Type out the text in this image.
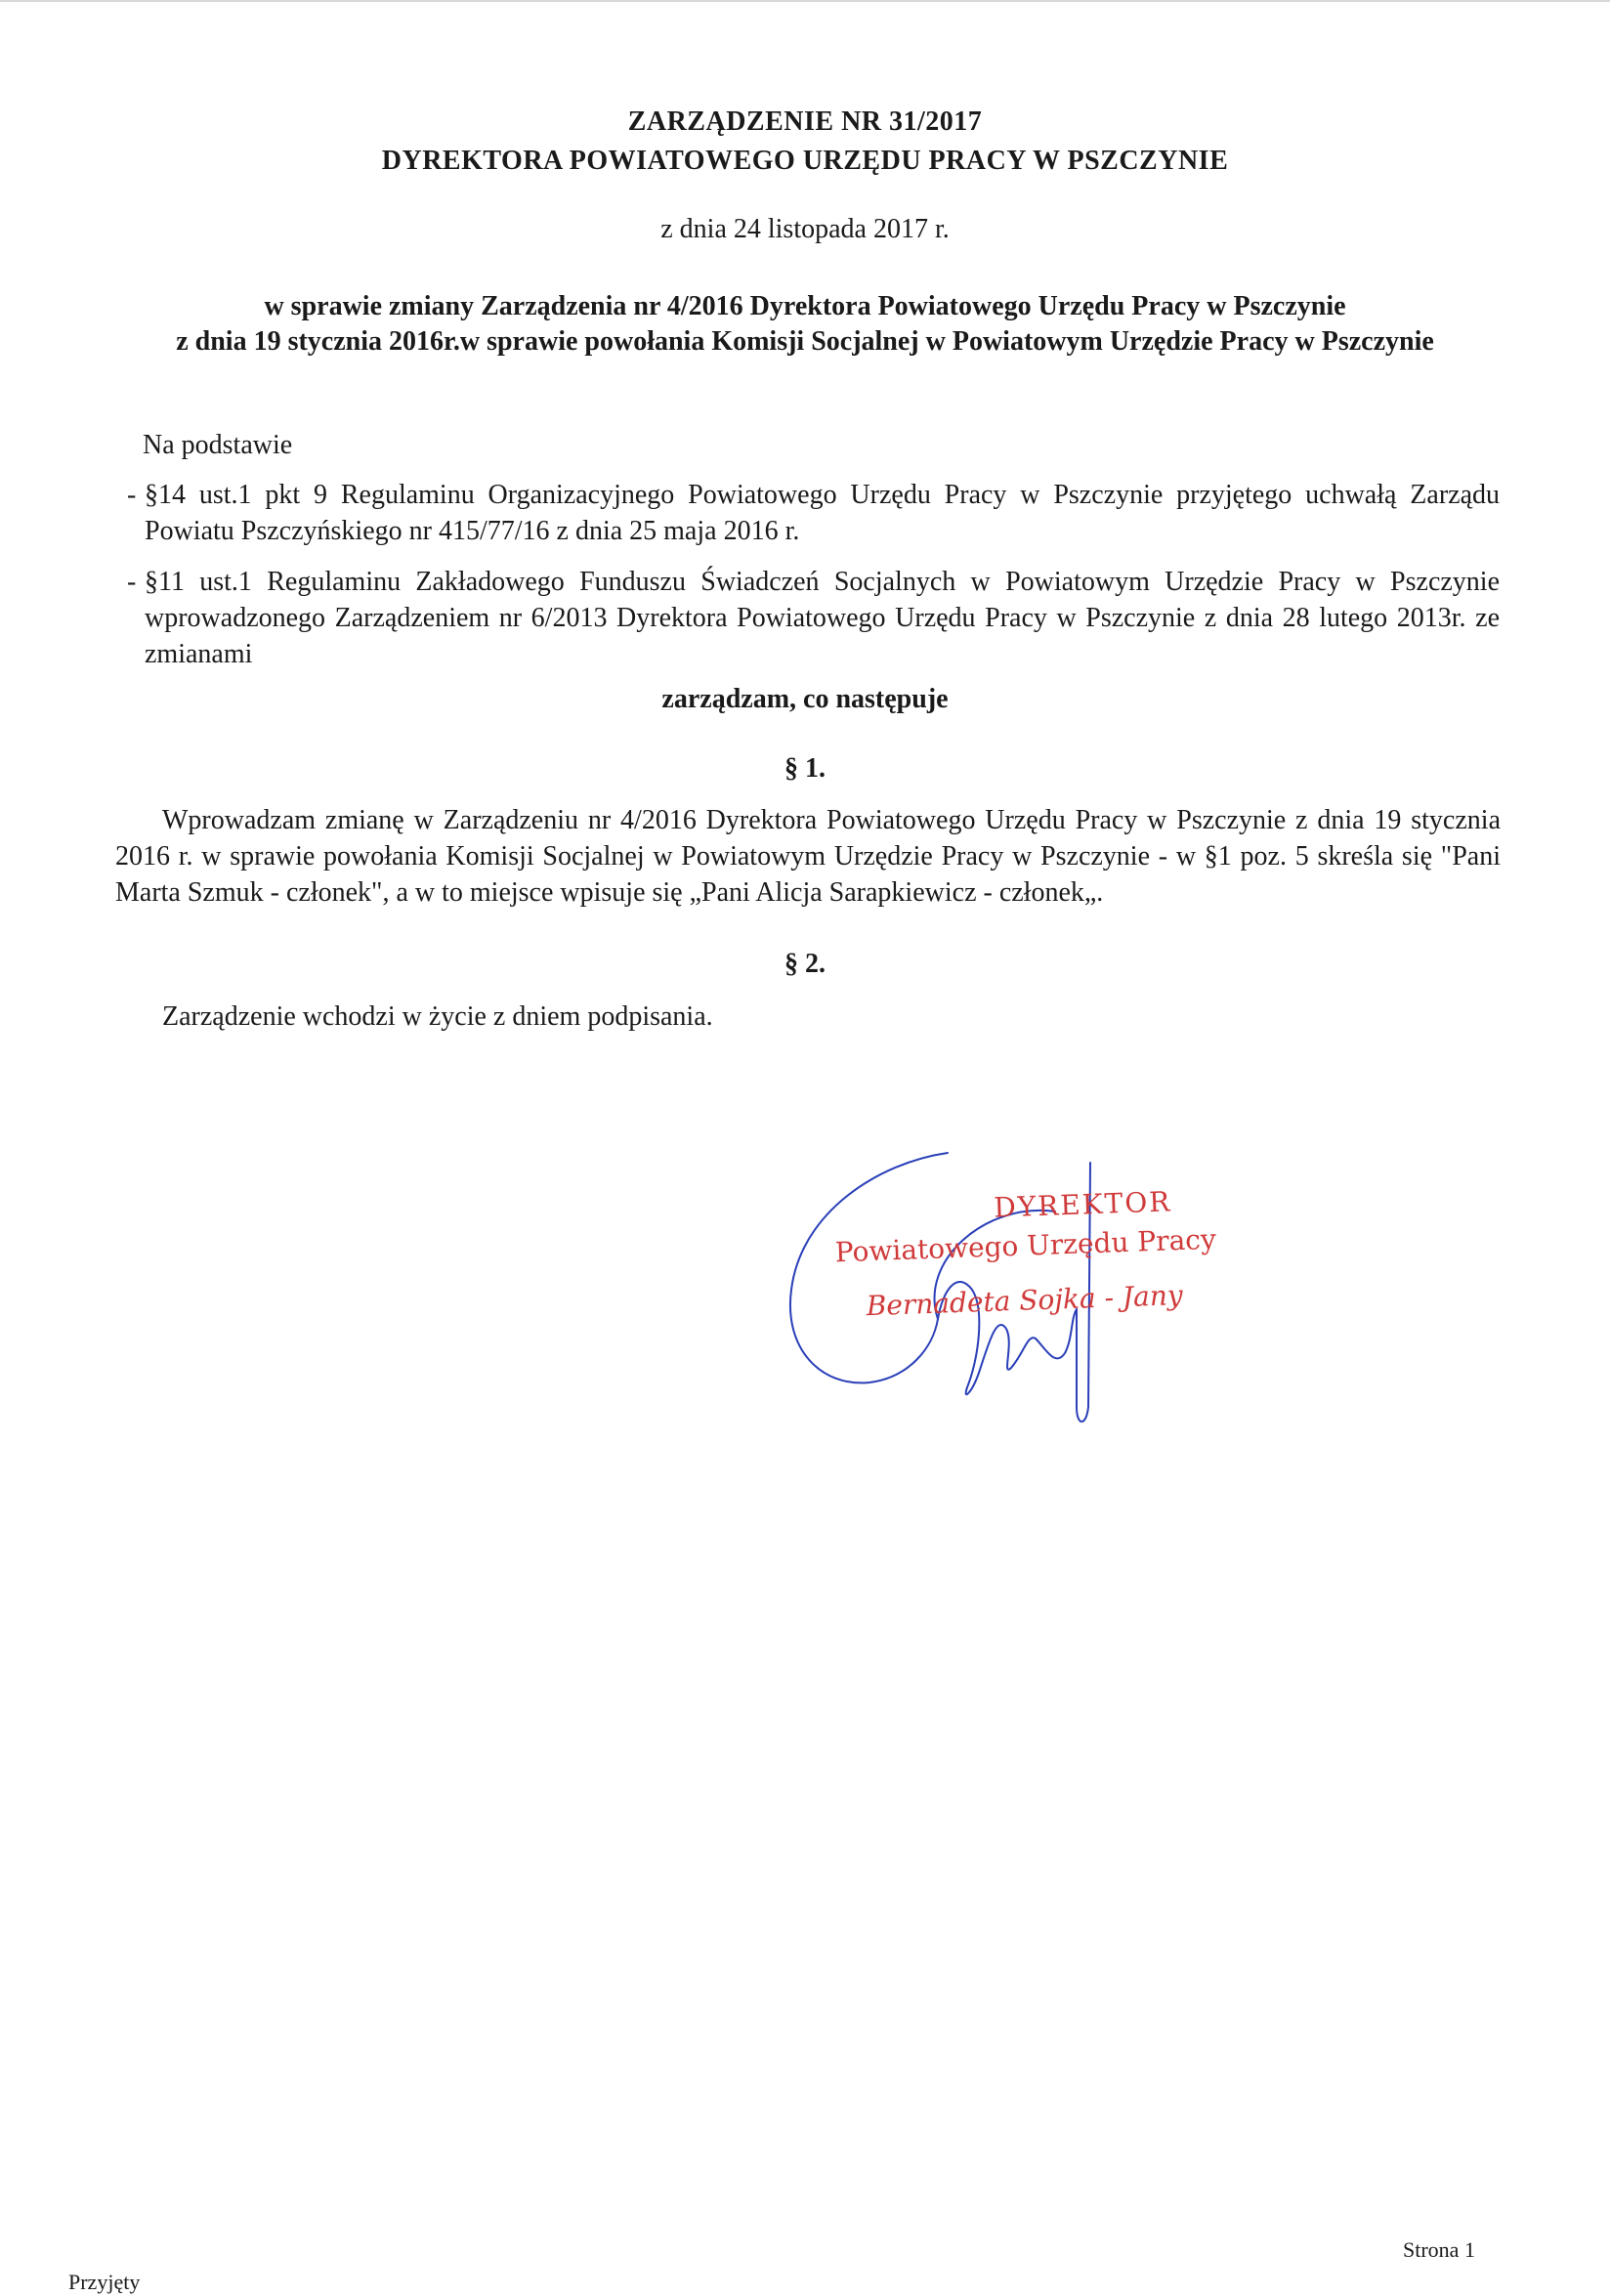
ZARZĄDZENIE NR 31/2017
DYREKTORA POWIATOWEGO URZĘDU PRACY W PSZCZYNIE
z dnia 24 listopada 2017 r.
w sprawie zmiany Zarządzenia nr 4/2016 Dyrektora Powiatowego Urzędu Pracy w Pszczynie
z dnia 19 stycznia 2016r.w sprawie powołania Komisji Socjalnej w Powiatowym Urzędzie Pracy w Pszczynie
Na podstawie
- §14 ust.1 pkt 9 Regulaminu Organizacyjnego Powiatowego Urzędu Pracy w Pszczynie przyjętego uchwałą Zarządu Powiatu Pszczyńskiego nr 415/77/16 z dnia 25 maja 2016 r.
- §11 ust.1 Regulaminu Zakładowego Funduszu Świadczeń Socjalnych w Powiatowym Urzędzie Pracy w Pszczynie wprowadzonego Zarządzeniem nr 6/2013 Dyrektora Powiatowego Urzędu Pracy w Pszczynie z dnia 28 lutego 2013r. ze zmianami
zarządzam, co następuje
§ 1.
Wprowadzam zmianę w Zarządzeniu nr 4/2016 Dyrektora Powiatowego Urzędu Pracy w Pszczynie z dnia 19 stycznia 2016 r. w sprawie powołania Komisji Socjalnej w Powiatowym Urzędzie Pracy w Pszczynie - w §1 poz. 5 skreśla się "Pani Marta Szmuk - członek", a w to miejsce wpisuje się „Pani Alicja Sarapkiewicz - członek„.
§ 2.
Zarządzenie wchodzi w życie z dniem podpisania.
DYREKTOR
Powiatowego Urzędu Pracy
Bernadeta Sojka - Jany
Przyjęty
Strona 1
